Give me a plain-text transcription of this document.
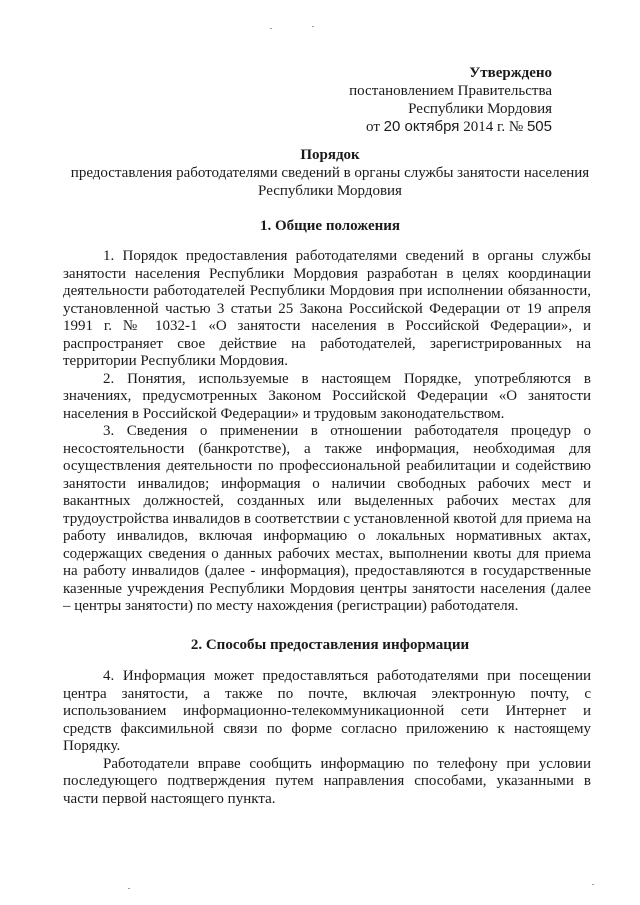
Утверждено
постановлением Правительства
Республики Мордовия
от 20 октября 2014 г. № 505
Порядок
предоставления работодателями сведений в органы службы занятости населения Республики Мордовия
1. Общие положения

1. Порядок предоставления работодателями сведений в органы службы занятости населения Республики Мордовия разработан в целях координации деятельности работодателей Республики Мордовия при исполнении обязанности, установленной частью 3 статьи 25 Закона Российской Федерации от 19 апреля 1991 г. № 1032-1 «О занятости населения в Российской Федерации», и распространяет свое действие на работодателей, зарегистрированных на территории Республики Мордовия.

2. Понятия, используемые в настоящем Порядке, употребляются в значениях, предусмотренных Законом Российской Федерации «О занятости населения в Российской Федерации» и трудовым законодательством.

3. Сведения о применении в отношении работодателя процедур о несостоятельности (банкротстве), а также информация, необходимая для осуществления деятельности по профессиональной реабилитации и содействию занятости инвалидов; информация о наличии свободных рабочих мест и вакантных должностей, созданных или выделенных рабочих местах для трудоустройства инвалидов в соответствии с установленной квотой для приема на работу инвалидов, включая информацию о локальных нормативных актах, содержащих сведения о данных рабочих местах, выполнении квоты для приема на работу инвалидов (далее - информация), предоставляются в государственные казенные учреждения Республики Мордовия центры занятости населения (далее – центры занятости) по месту нахождения (регистрации) работодателя.

2. Способы предоставления информации

4. Информация может предоставляться работодателями при посещении центра занятости, а также по почте, включая электронную почту, с использованием информационно-телекоммуникационной сети Интернет и средств факсимильной связи по форме согласно приложению к настоящему Порядку.

Работодатели вправе сообщить информацию по телефону при условии последующего подтверждения путем направления способами, указанными в части первой настоящего пункта.
